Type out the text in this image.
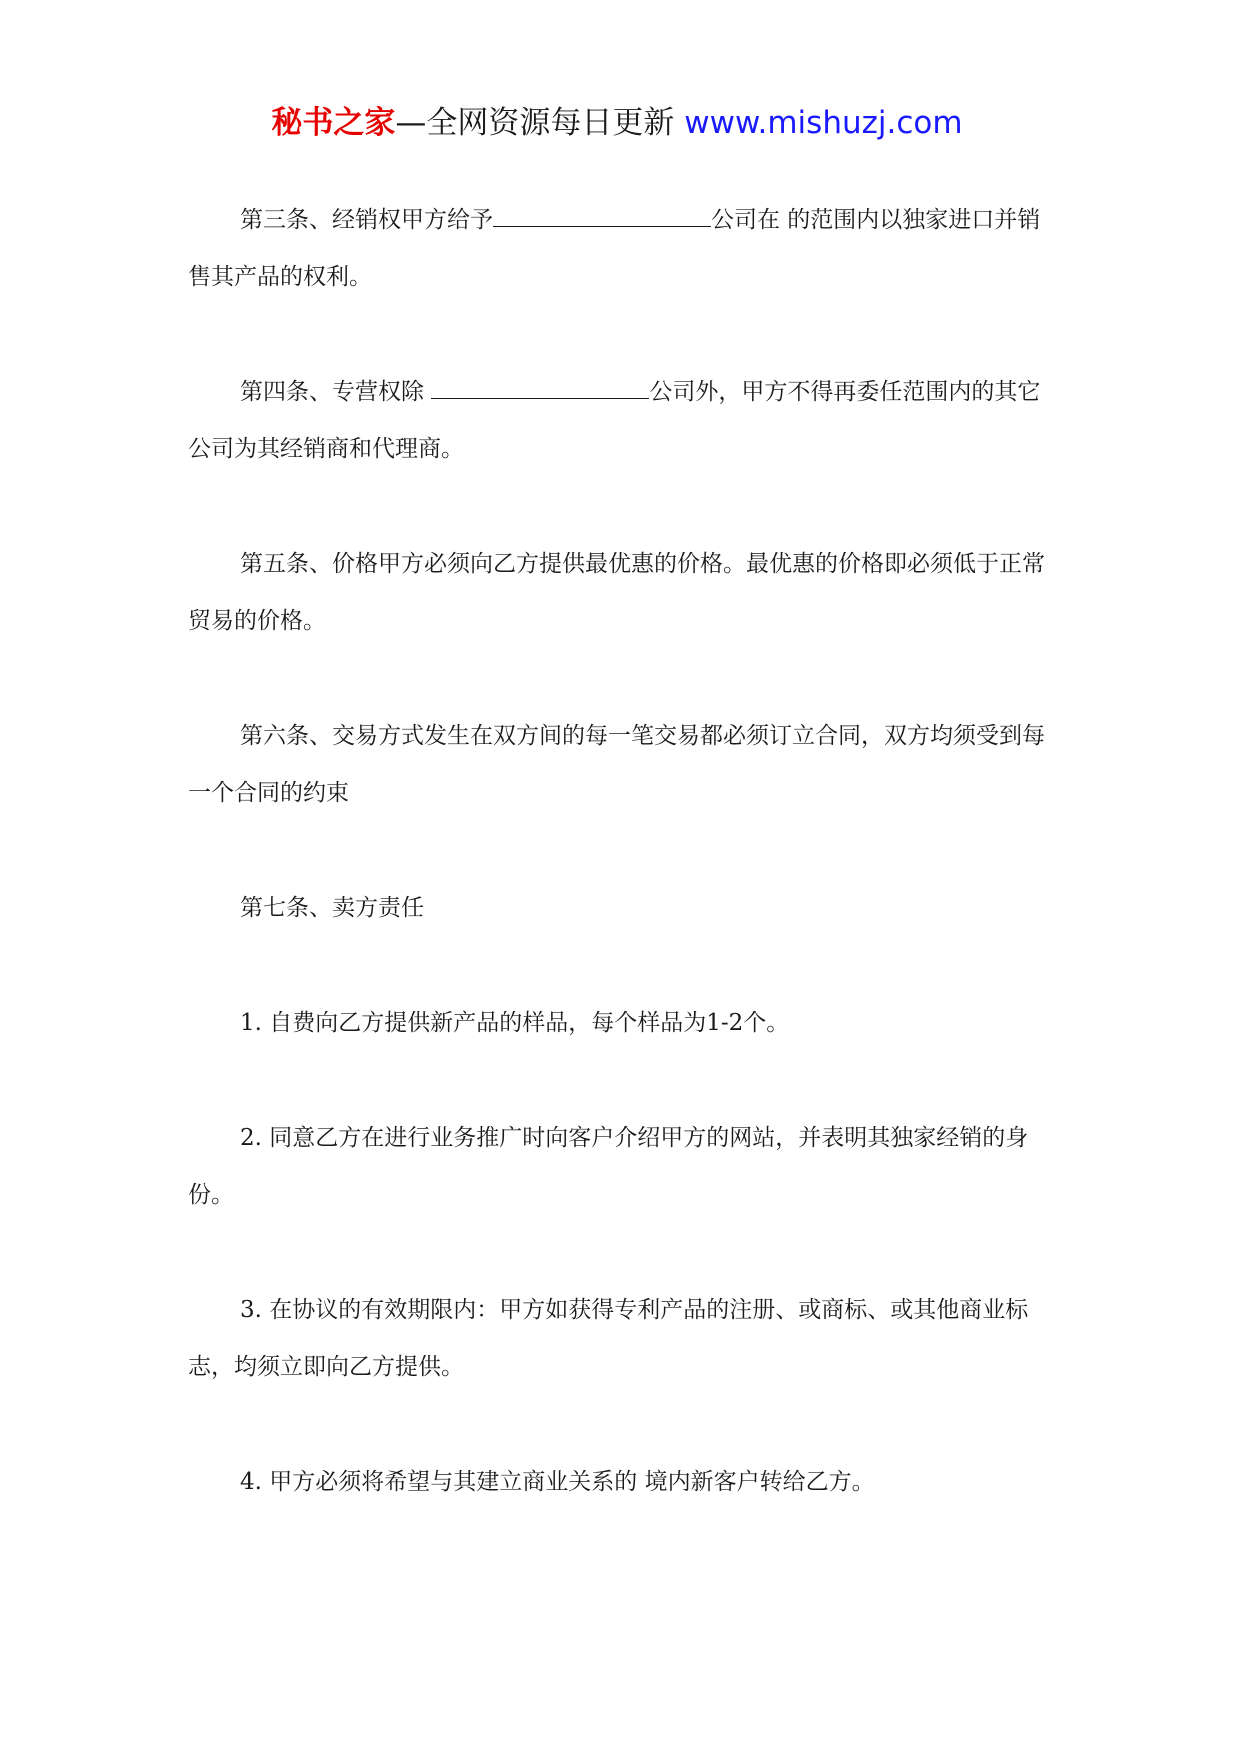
秘书之家—全网资源每日更新 www.mishuzj.com

第三条、经销权甲方给予	公司在 的范围内以独家进口并销售其产品的权利。

第四条、专营权除	公司外，甲方不得再委任范围内的其它公司为其经销商和代理商。

第五条、价格甲方必须向乙方提供最优惠的价格。最优惠的价格即必须低于正常贸易的价格。

第六条、交易方式发生在双方间的每一笔交易都必须订立合同，双方均须受到每一个合同的约束

第七条、卖方责任

1. 自费向乙方提供新产品的样品，每个样品为1-2个。

2. 同意乙方在进行业务推广时向客户介绍甲方的网站，并表明其独家经销的身份。

3. 在协议的有效期限内：甲方如获得专利产品的注册、或商标、或其他商业标志，均须立即向乙方提供。

4. 甲方必须将希望与其建立商业关系的 境内新客户转给乙方。
